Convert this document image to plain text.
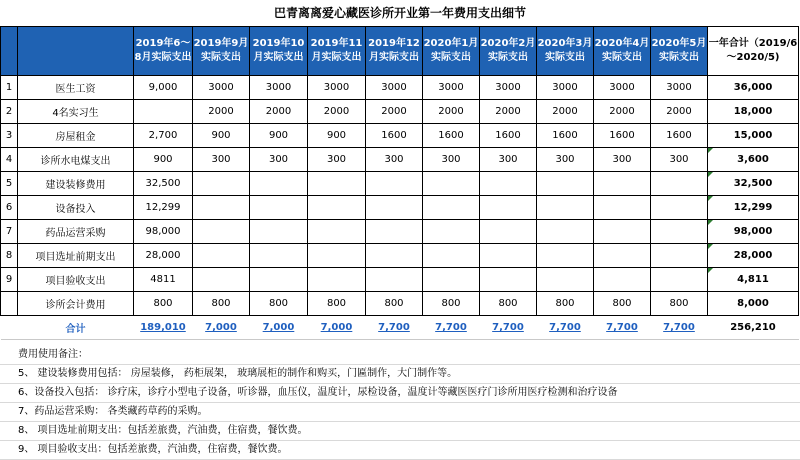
巴青离离爱心藏医诊所开业第一年费用支出细节
		2019年6～8月实际支出	2019年9月实际支出	2019年10月实际支出	2019年11月实际支出	2019年12月实际支出	2020年1月实际支出	2020年2月实际支出	2020年3月实际支出	2020年4月实际支出	2020年5月实际支出	一年合计（2019/6～2020/5)
1	医生工资	9,000	3000	3000	3000	3000	3000	3000	3000	3000	3000	36,000
2	4名实习生		2000	2000	2000	2000	2000	2000	2000	2000	2000	18,000
3	房屋租金	2,700	900	900	900	1600	1600	1600	1600	1600	1600	15,000
4	诊所水电煤支出	900	300	300	300	300	300	300	300	300	300	3,600
5	建设装修费用	32,500										32,500
6	设备投入	12,299										12,299
7	药品运营采购	98,000										98,000
8	项目选址前期支出	28,000										28,000
9	项目验收支出	4811										4,811
	诊所会计费用	800	800	800	800	800	800	800	800	800	800	8,000
	合计	189,010	7,000	7,000	7,000	7,700	7,700	7,700	7,700	7,700	7,700	256,210
费用使用备注：
5、 建设装修费用包括： 房屋装修， 药柜展架， 玻璃展柜的制作和购买，门匾制作，大门制作等。
6、设备投入包括： 诊疗床，诊疗小型电子设备，听诊器，血压仪，温度计，尿检设备，温度计等藏医医疗门诊所用医疗检测和治疗设备
7、药品运营采购： 各类藏药草药的采购。
8、 项目选址前期支出：包括差旅费，汽油费，住宿费，餐饮费。
9、 项目验收支出：包括差旅费，汽油费，住宿费，餐饮费。
